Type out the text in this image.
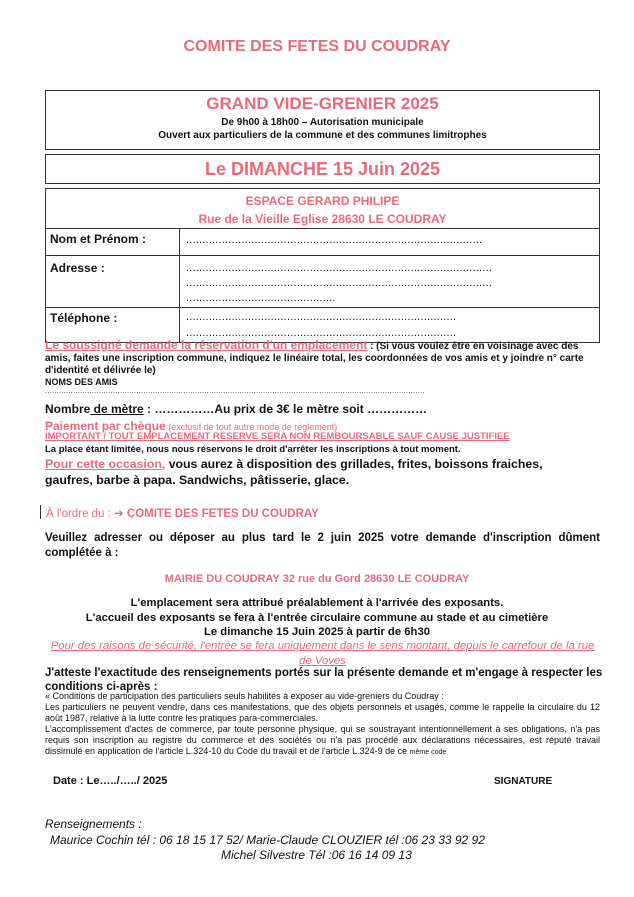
COMITE DES FETES DU COUDRAY
GRAND VIDE-GRENIER 2025
De 9h00 à 18h00 – Autorisation municipale
Ouvert aux particuliers de la commune et des communes limitrophes
Le DIMANCHE 15 Juin 2025
ESPACE GERARD PHILIPE
Rue de la Vieille Eglise 28630 LE COUDRAY
Nom et Prénom :	...........................................................................................
Adresse :	..............................................................................................
..............................................................................................
..............................................
Téléphone :	...................................................................................
...................................................................................
Le soussigné demande la réservation d'un emplacement : (Si vous voulez être en voisinage avec des amis, faites une inscription commune, indiquez le linéaire total, les coordonnées de vos amis et y joindre n° carte d'identité et délivrée le)
NOMS DES AMIS
..................................................................................................................................................................
Nombre de mètre : ……………Au prix de 3€ le mètre soit ……………
Paiement par chèque (exclusif de tout autre mode de règlement)
IMPORTANT / TOUT EMPLACEMENT RESERVE SERA NON REMBOURSABLE SAUF CAUSE JUSTIFIEE
La place étant limitée, nous nous réservons le droit d'arrêter les inscriptions à tout moment.
Pour cette occasion, vous aurez à disposition des grillades, frites, boissons fraiches, gaufres, barbe à papa. Sandwichs, pâtisserie, glace.
À l'ordre du : ➔ COMITE DES FETES DU COUDRAY
Veuillez adresser ou déposer au plus tard le 2 juin 2025 votre demande d'inscription dûment complétée à :
MAIRIE DU COUDRAY 32 rue du Gord 28630 LE COUDRAY
L'emplacement sera attribué préalablement à l'arrivée des exposants.
L'accueil des exposants se fera à l'entrée circulaire commune au stade et au cimetière
Le dimanche 15 Juin 2025 à partir de 6h30
Pour des raisons de sécurité, l'entrée se fera uniquement dans le sens montant, depuis le carrefour de la rue de Voves
J'atteste l'exactitude des renseignements portés sur la présente demande et m'engage à respecter les conditions ci-après :
« Conditions de participation des particuliers seuls habilités à exposer au vide-greniers du Coudray :
Les particuliers ne peuvent vendre, dans ces manifestations, que des objets personnels et usagés, comme le rappelle la circulaire du 12 août 1987, relative à la lutte contre les pratiques para-commerciales.
L'accomplissement d'actes de commerce, par toute personne physique, qui se soustrayant intentionnellement à ses obligations, n'a pas requis son inscription au registre du commerce et des sociétés ou n'a pas procédé aux déclarations nécessaires, est réputé travail dissimulé en application de l'article L.324-10 du Code du travail et de l'article L.324-9 de ce même code
Date : Le…../…../ 2025	SIGNATURE
Renseignements :
Maurice Cochin tél : 06 18 15 17 52/ Marie-Claude CLOUZIER tél :06 23 33 92 92
Michel Silvestre Tél :06 16 14 09 13
